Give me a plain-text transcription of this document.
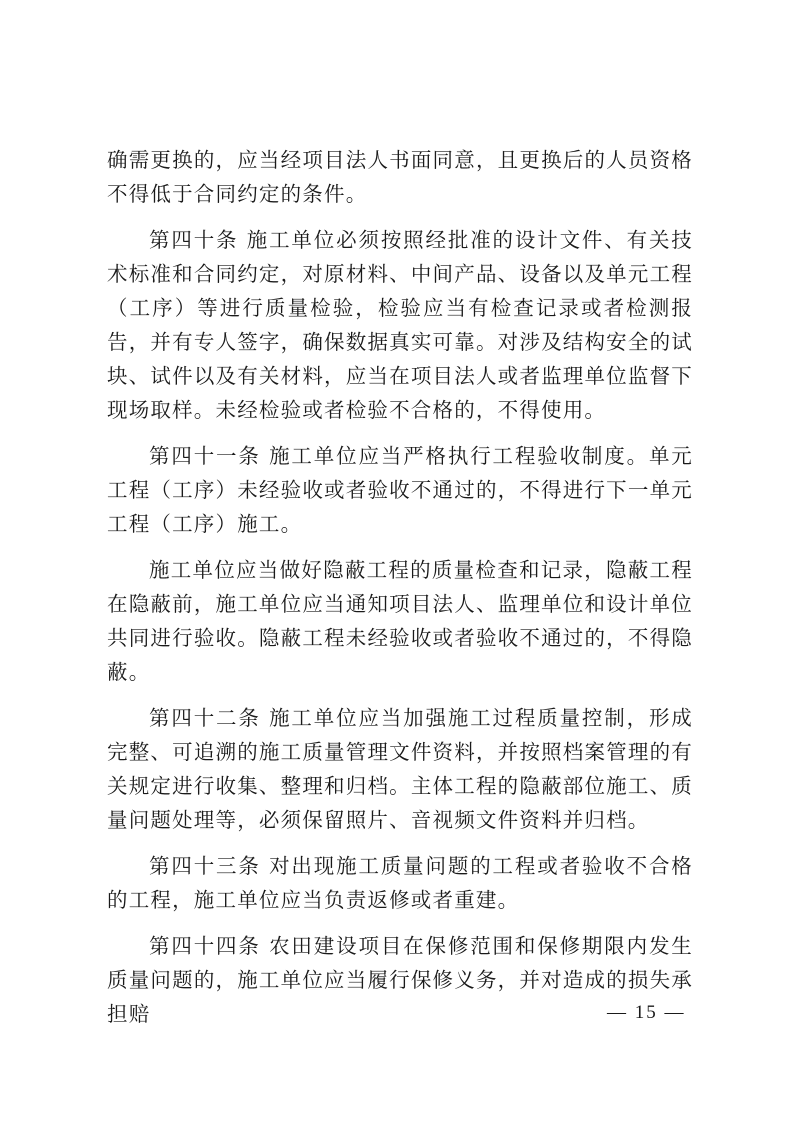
确需更换的，应当经项目法人书面同意，且更换后的人员资格不得低于合同约定的条件。

第四十条 施工单位必须按照经批准的设计文件、有关技术标准和合同约定，对原材料、中间产品、设备以及单元工程（工序）等进行质量检验，检验应当有检查记录或者检测报告，并有专人签字，确保数据真实可靠。对涉及结构安全的试块、试件以及有关材料，应当在项目法人或者监理单位监督下现场取样。未经检验或者检验不合格的，不得使用。

第四十一条 施工单位应当严格执行工程验收制度。单元工程（工序）未经验收或者验收不通过的，不得进行下一单元工程（工序）施工。

施工单位应当做好隐蔽工程的质量检查和记录，隐蔽工程在隐蔽前，施工单位应当通知项目法人、监理单位和设计单位共同进行验收。隐蔽工程未经验收或者验收不通过的，不得隐蔽。

第四十二条 施工单位应当加强施工过程质量控制，形成完整、可追溯的施工质量管理文件资料，并按照档案管理的有关规定进行收集、整理和归档。主体工程的隐蔽部位施工、质量问题处理等，必须保留照片、音视频文件资料并归档。

第四十三条 对出现施工质量问题的工程或者验收不合格的工程，施工单位应当负责返修或者重建。

第四十四条 农田建设项目在保修范围和保修期限内发生质量问题的，施工单位应当履行保修义务，并对造成的损失承担赔	— 15 —
